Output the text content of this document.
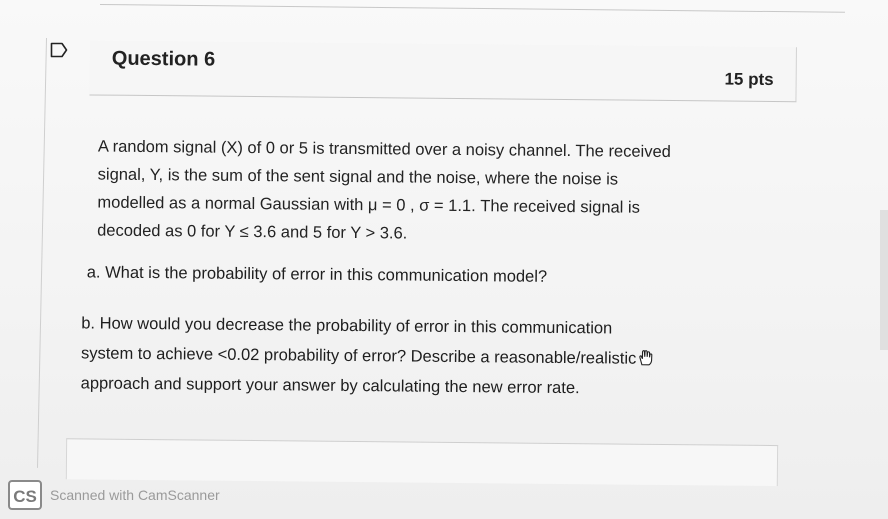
Question 6
15 pts

A random signal (X) of 0 or 5 is transmitted over a noisy channel. The received

signal, Y, is the sum of the sent signal and the noise, where the noise is

modelled as a normal Gaussian with μ = 0 , σ = 1.1. The received signal is

decoded as 0 for Y ≤ 3.6 and 5 for Y > 3.6.

a. What is the probability of error in this communication model?

b. How would you decrease the probability of error in this communication

system to achieve <0.02 probability of error? Describe a reasonable/realistic

approach and support your answer by calculating the new error rate.

CS Scanned with CamScanner
